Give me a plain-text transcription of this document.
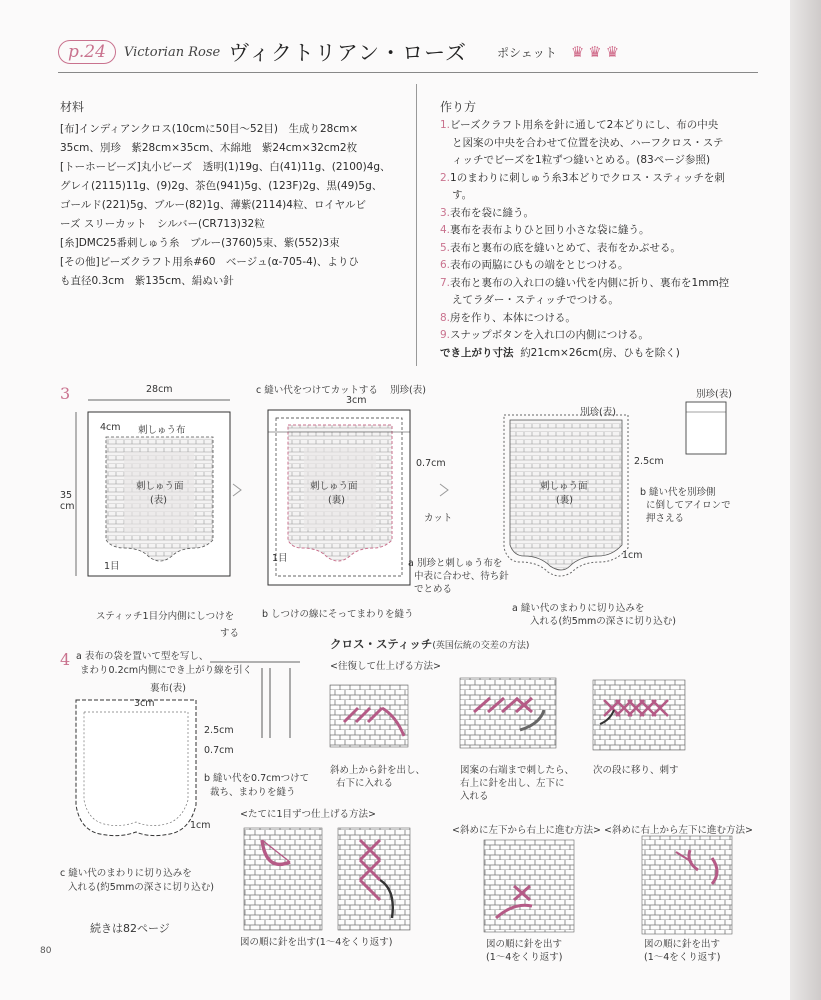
p.24	Victorian Rose ヴィクトリアン・ローズ	ポシェット ♛♛♛
材料

[布]インディアンクロス(10cmに50目～52目)　生成り28cm×

35cm、別珍　紫28cm×35cm、木綿地　紫24cm×32cm2枚

[トーホービーズ]丸小ビーズ　透明(1)19g、白(41)11g、(2100)4g、

グレイ(2115)11g、(9)2g、茶色(941)5g、(123F)2g、黒(49)5g、

ゴールド(221)5g、ブルー(82)1g、薄紫(2114)4粒、ロイヤルビ

ーズ スリーカット　シルバー(CR713)32粒

[糸]DMC25番刺しゅう糸　ブルー(3760)5束、紫(552)3束

[その他]ビーズクラフト用糸#60　ベージュ(α-705-4)、よりひ

も直径0.3cm　紫135cm、絹ぬい針

作り方

1.ビーズクラフト用糸を針に通して2本どりにし、布の中央

と図案の中央を合わせて位置を決め、ハーフクロス・ステ

ィッチでビーズを1粒ずつ縫いとめる。(83ページ参照)

2.1のまわりに刺しゅう糸3本どりでクロス・スティッチを刺

す。

3.表布を袋に縫う。

4.裏布を表布よりひと回り小さな袋に縫う。

5.表布と裏布の底を縫いとめて、表布をかぶせる。

6.表布の両脇にひもの端をとじつける。

7.表布と裏布の入れ口の縫い代を内側に折り、裏布を1mm控

えてラダー・スティッチでつける。

8.房を作り、本体につける。

9.スナップボタンを入れ口の内側につける。

でき上がり寸法 約21cm×26cm(房、ひもを除く)
3	28cm
35
cm
4cm 刺しゅう布
刺しゅう面
(表)
1目
スティッチ1目分内側にしつけを
する
c 縫い代をつけてカットする 別珍(表)
3cm
0.7cm
刺しゅう面
(裏)
カット
1目	a 別珍と刺しゅう布を
中表に合わせ、待ち針
でとめる
b しつけの線にそってまわりを縫う
別珍(表)
別珍(表)
2.5cm
刺しゅう面
(裏)
b 縫い代を別珍側
に倒してアイロンで
押さえる
1cm
a 縫い代のまわりに切り込みを
入れる(約5mmの深さに切り込む)
4 a 表布の袋を置いて型を写し、
まわり0.2cm内側にでき上がり線を引く
裏布(表)
3cm
2.5cm
0.7cm
b 縫い代を0.7cmつけて
裁ち、まわりを縫う
1cm
c 縫い代のまわりに切り込みを
入れる(約5mmの深さに切り込む)
続きは82ページ
クロス・スティッチ(英国伝統の交差の方法)
<往復して仕上げる方法>
斜め上から針を出し、
右下に入れる
図案の右端まで刺したら、
右上に針を出し、左下に
入れる
次の段に移り、刺す
<たてに1目ずつ仕上げる方法>
図の順に針を出す(1～4をくり返す)
<斜めに左下から右上に進む方法>
図の順に針を出す
(1～4をくり返す)
<斜めに右上から左下に進む方法>
図の順に針を出す
(1～4をくり返す)
80
